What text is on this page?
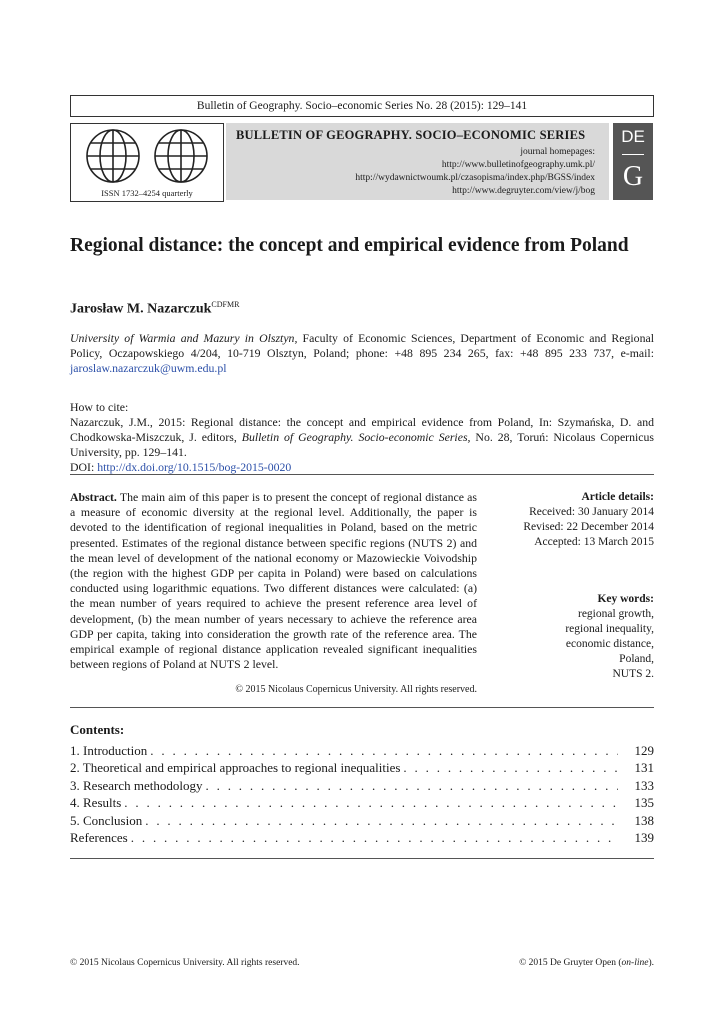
Bulletin of Geography. Socio–economic Series No. 28 (2015): 129–141
ISSN 1732–4254 quarterly
BULLETIN OF GEOGRAPHY. SOCIO–ECONOMIC SERIES
journal homepages:
http://www.bulletinofgeography.umk.pl/
http://wydawnictwoumk.pl/czasopisma/index.php/BGSS/index
http://www.degruyter.com/view/j/bog
DE
G
Regional distance: the concept and empirical evidence from Poland
Jarosław M. Nazarczuk$^{CDFMR}$
University of Warmia and Mazury in Olsztyn, Faculty of Economic Sciences, Department of Economic and Regional Policy, Oczapowskiego 4/204, 10-719 Olsztyn, Poland; phone: +48 895 234 265, fax: +48 895 233 737, e-mail: jaroslaw.nazarczuk@uwm.edu.pl
How to cite:
Nazarczuk, J.M., 2015: Regional distance: the concept and empirical evidence from Poland, In: Szymańska, D. and Chodkowska-Miszczuk, J. editors, Bulletin of Geography. Socio-economic Series, No. 28, Toruń: Nicolaus Copernicus University, pp. 129–141.
DOI: http://dx.doi.org/10.1515/bog-2015-0020
Abstract. The main aim of this paper is to present the concept of regional distance as a measure of economic diversity at the regional level. Additionally, the paper is devoted to the identification of regional inequalities in Poland, based on the metric presented. Estimates of the regional distance between specific regions (NUTS 2) and the mean level of development of the national economy or Mazowieckie Voivodship (the region with the highest GDP per capita in Poland) were based on calculations conducted using logarithmic equations. Two different distances were calculated: (a) the mean number of years required to achieve the present reference area level of development, (b) the mean number of years necessary to achieve the reference area GDP per capita, taking into consideration the growth rate of the reference area. The empirical example of regional distance application revealed significant inequalities between regions of Poland at NUTS 2 level.
© 2015 Nicolaus Copernicus University. All rights reserved.
Article details:
Received: 30 January 2014
Revised: 22 December 2014
Accepted: 13 March 2015
Key words:
regional growth,
regional inequality,
economic distance,
Poland,
NUTS 2.
Contents:
1. Introduction . . .	129
2. Theoretical and empirical approaches to regional inequalities . . .	131
3. Research methodology . . .	133
4. Results . . .	135
5. Conclusion . . .	138
References . . .	139
© 2015 Nicolaus Copernicus University. All rights reserved.	© 2015 De Gruyter Open (on-line).
